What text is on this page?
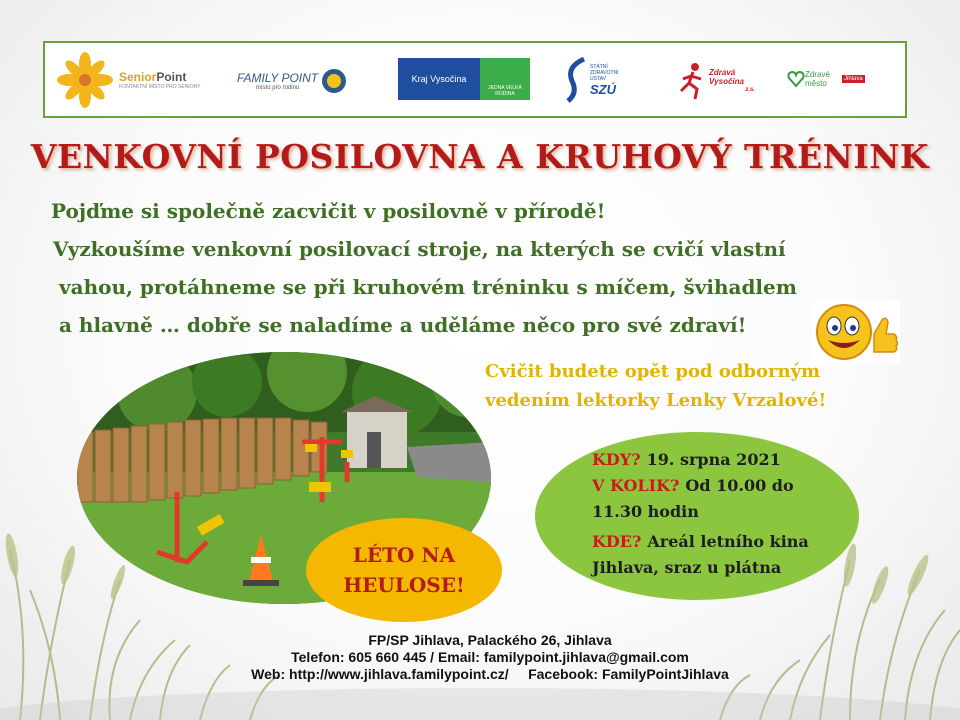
SeniorPoint
KONTAKTNÍ MÍSTO PRO SENIORY
FAMILY POINT
místo pro rodinu
Kraj Vysočina
JEDNA VELKÁ RODINA
STÁTNÍ ZDRAVOTNÍ ÚSTAV
SZÚ
Zdravá Vysočina
z.s.
Zdravé město	Jihlava
VENKOVNÍ POSILOVNA A KRUHOVÝ TRÉNINK
Pojďme si společně zacvičit v posilovně v přírodě!
Vyzkoušíme venkovní posilovací stroje, na kterých se cvičí vlastní
vahou, protáhneme se při kruhovém tréninku s míčem, švihadlem
a hlavně … dobře se naladíme a uděláme něco pro své zdraví!
Cvičit budete opět pod odborným
vedením lektorky Lenky Vrzalové!
KDY? 19. srpna 2021
V KOLIK? Od 10.00 do
11.30 hodin
KDE? Areál letního kina
Jihlava, sraz u plátna
LÉTO NA
HEULOSE!
FP/SP Jihlava, Palackého 26, Jihlava
Telefon: 605 660 445 / Email: familypoint.jihlava@gmail.com
Web: http://www.jihlava.familypoint.cz/     Facebook: FamilyPointJihlava
